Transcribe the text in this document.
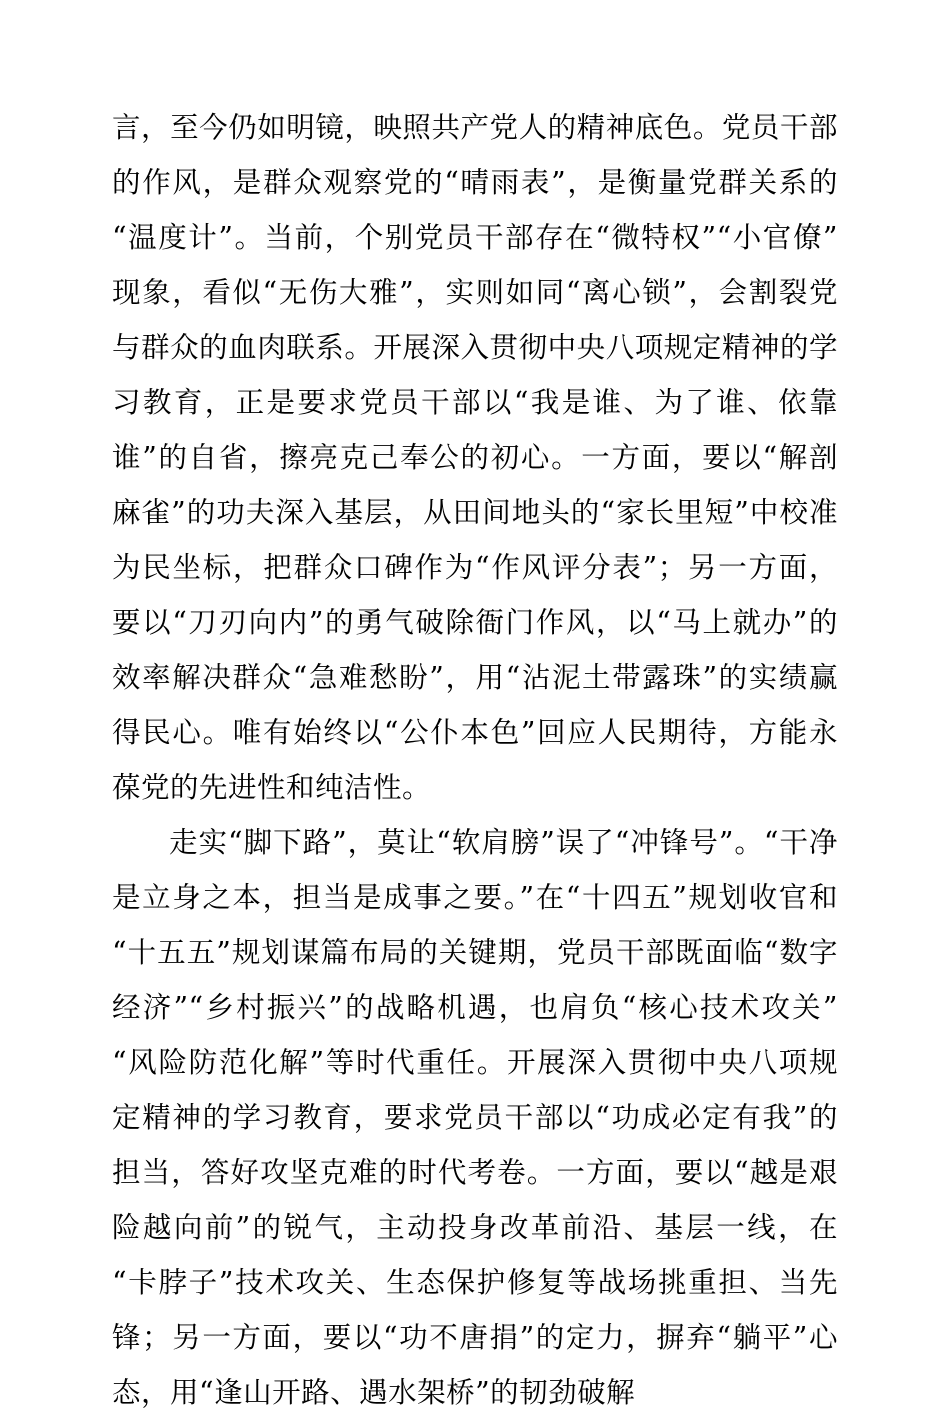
言，至今仍如明镜，映照共产党人的精神底色。党员干部的作风，是群众观察党的“晴雨表”，是衡量党群关系的“温度计”。当前，个别党员干部存在“微特权”“小官僚”现象，看似“无伤大雅”，实则如同“离心锁”，会割裂党与群众的血肉联系。开展深入贯彻中央八项规定精神的学习教育，正是要求党员干部以“我是谁、为了谁、依靠谁”的自省，擦亮克己奉公的初心。一方面，要以“解剖麻雀”的功夫深入基层，从田间地头的“家长里短”中校准为民坐标，把群众口碑作为“作风评分表”；另一方面，要以“刀刃向内”的勇气破除衙门作风，以“马上就办”的效率解决群众“急难愁盼”，用“沾泥土带露珠”的实绩赢得民心。唯有始终以“公仆本色”回应人民期待，方能永葆党的先进性和纯洁性。

走实“脚下路”，莫让“软肩膀”误了“冲锋号”。“干净是立身之本，担当是成事之要。”在“十四五”规划收官和“十五五”规划谋篇布局的关键期，党员干部既面临“数字经济”“乡村振兴”的战略机遇，也肩负“核心技术攻关”“风险防范化解”等时代重任。开展深入贯彻中央八项规定精神的学习教育，要求党员干部以“功成必定有我”的担当，答好攻坚克难的时代考卷。一方面，要以“越是艰险越向前”的锐气，主动投身改革前沿、基层一线，在“卡脖子”技术攻关、生态保护修复等战场挑重担、当先锋；另一方面，要以“功不唐捐”的定力，摒弃“躺平”心态，用“逢山开路、遇水架桥”的韧劲破解
